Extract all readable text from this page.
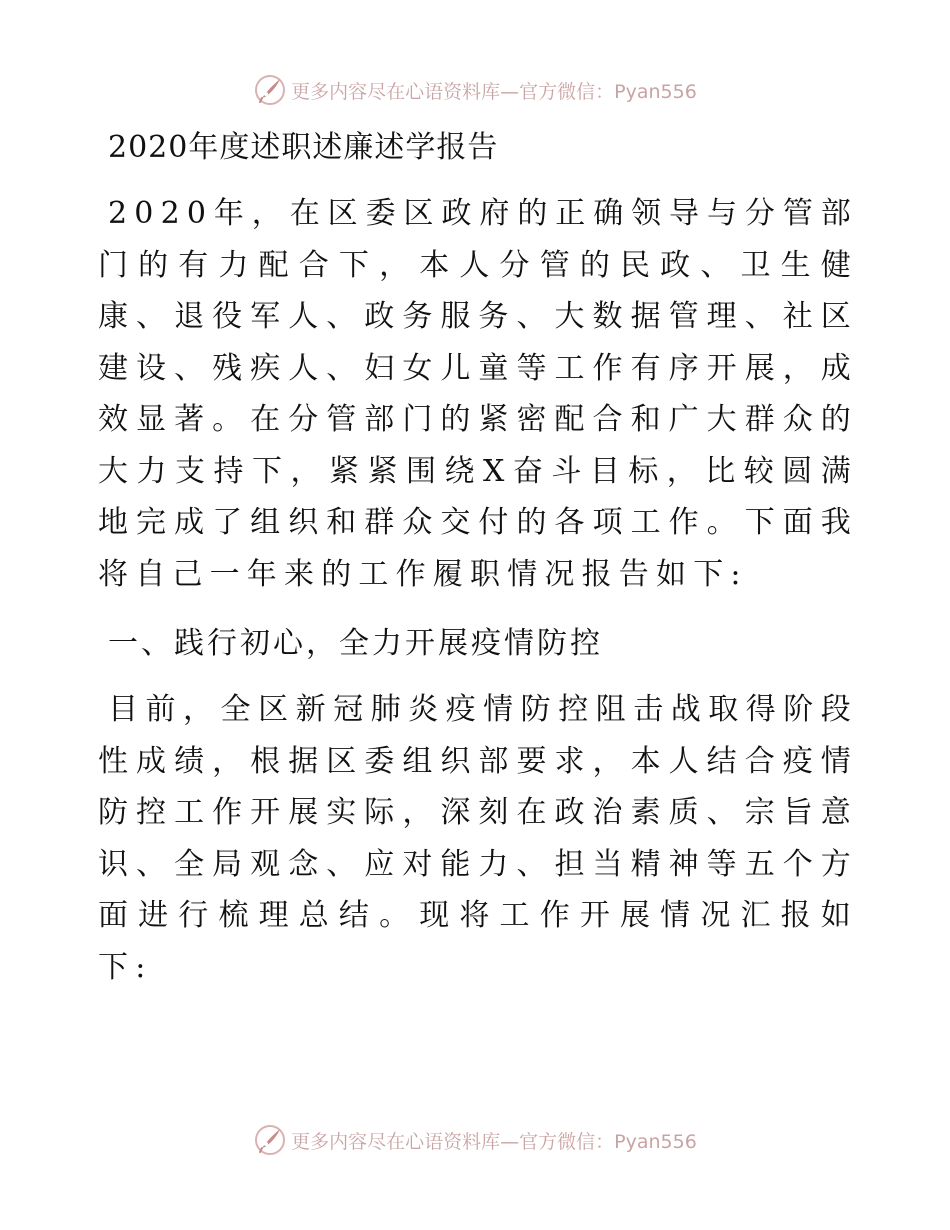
更多内容尽在心语资料库—官方微信：Pyan556
2020年度述职述廉述学报告

2020年，在区委区政府的正确领导与分管部门的有力配合下，本人分管的民政、卫生健康、退役军人、政务服务、大数据管理、社区建设、残疾人、妇女儿童等工作有序开展，成效显著。在分管部门的紧密配合和广大群众的大力支持下，紧紧围绕X奋斗目标，比较圆满地完成了组织和群众交付的各项工作。下面我将自己一年来的工作履职情况报告如下:

一、践行初心，全力开展疫情防控

目前，全区新冠肺炎疫情防控阻击战取得阶段性成绩，根据区委组织部要求，本人结合疫情防控工作开展实际，深刻在政治素质、宗旨意识、全局观念、应对能力、担当精神等五个方面进行梳理总结。现将工作开展情况汇报如下:

更多内容尽在心语资料库—官方微信：Pyan556
